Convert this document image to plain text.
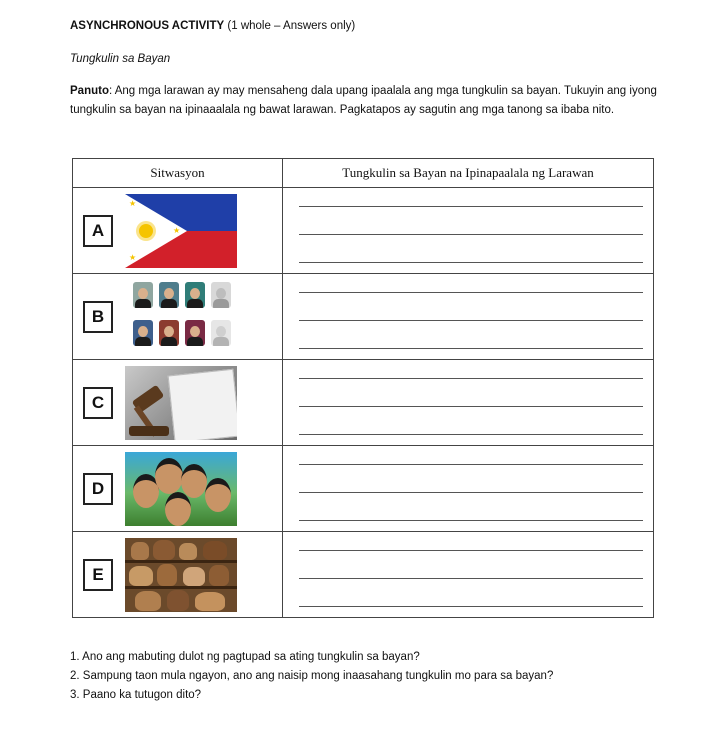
ASYNCHRONOUS ACTIVITY (1 whole – Answers only)
Tungkulin sa Bayan
Panuto: Ang mga larawan ay may mensaheng dala upang ipaalala ang mga tungkulin sa bayan. Tukuyin ang iyong tungkulin sa bayan na ipinaaalala ng bawat larawan. Pagkatapos ay sagutin ang mga tanong sa ibaba nito.
Sitwasyon	Tungkulin sa Bayan na Ipinapaalala ng Larawan

A
★
★
★	

B	

C	

D	

E	

1. Ano ang mabuting dulot ng pagtupad sa ating tungkulin sa bayan?
2. Sampung taon mula ngayon, ano ang naisip mong inaasahang tungkulin mo para sa bayan?
3. Paano ka tutugon dito?
